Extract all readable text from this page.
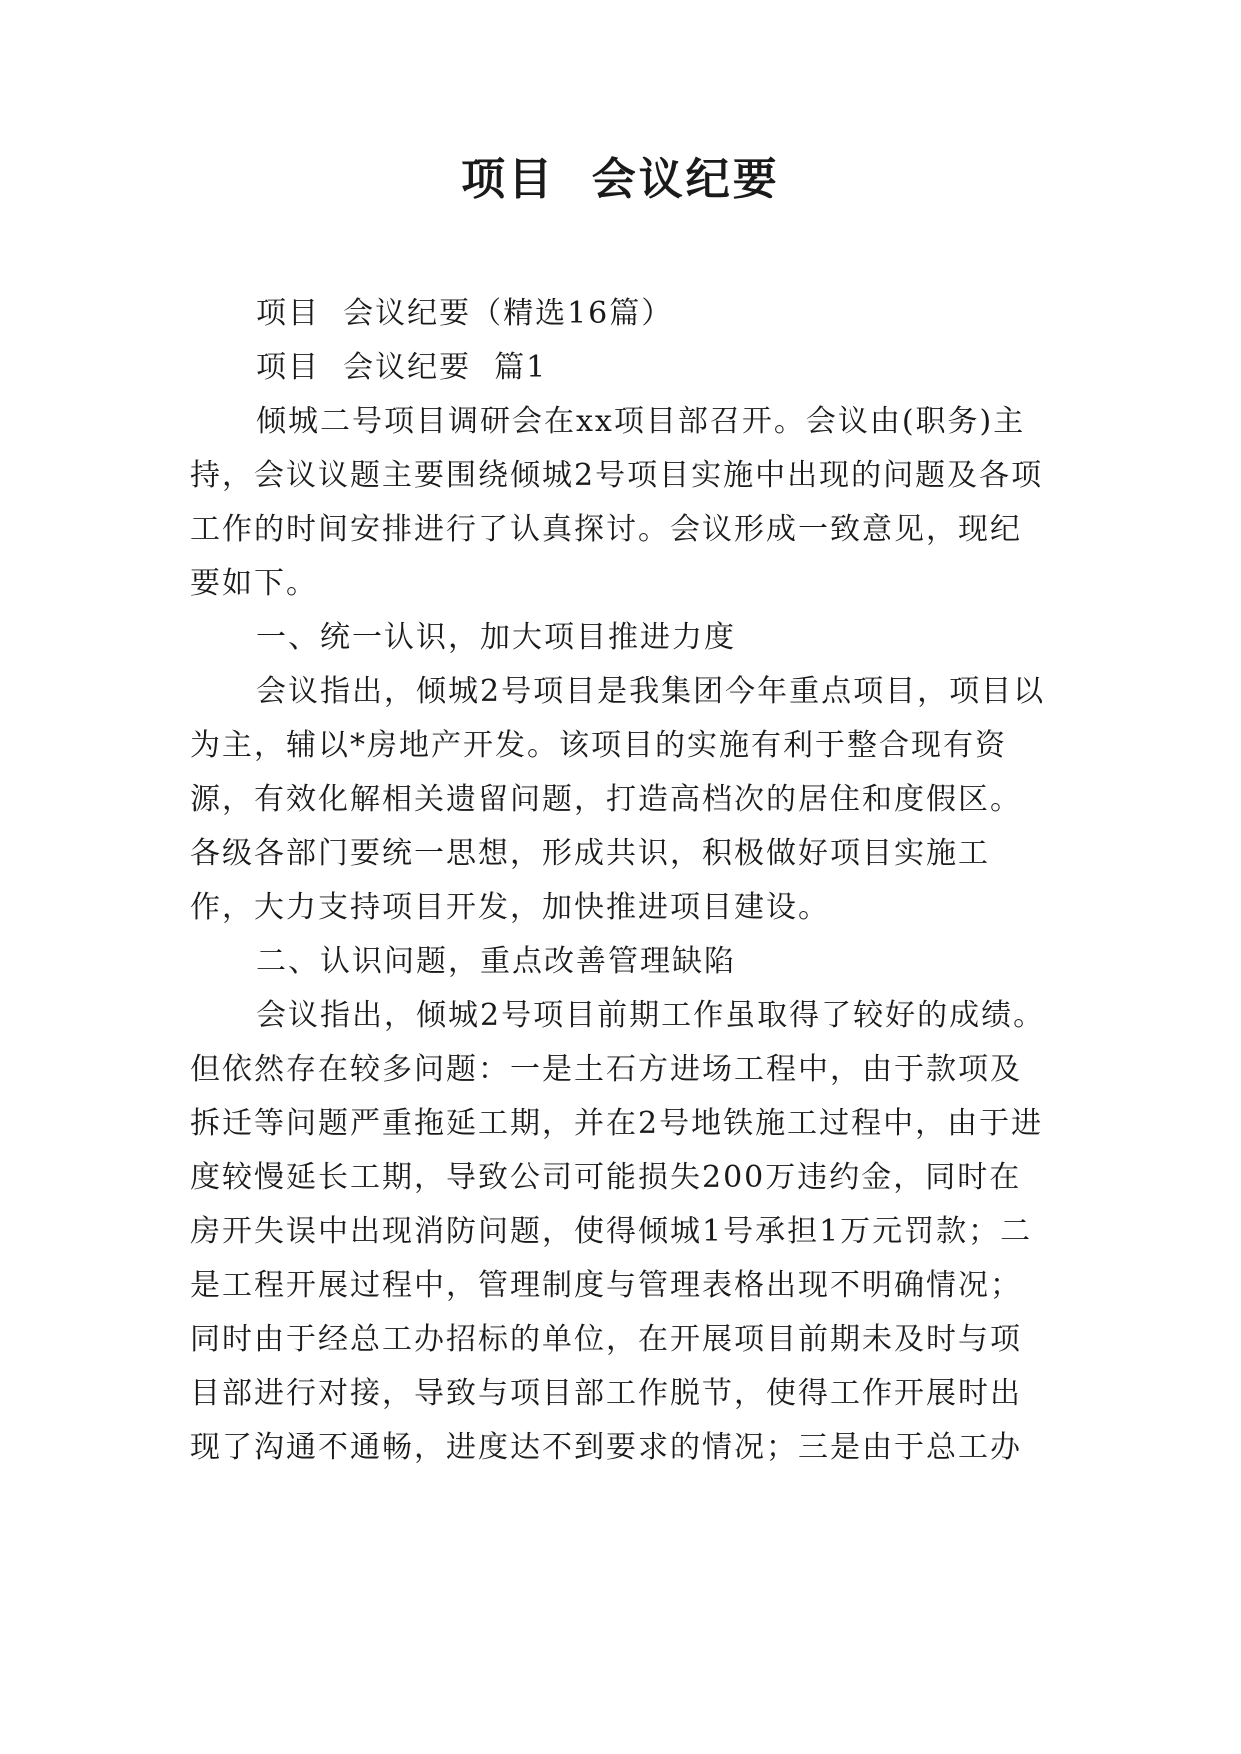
项目  会议纪要

项目  会议纪要（精选16篇）

项目  会议纪要  篇1

倾城二号项目调研会在xx项目部召开。会议由(职务)主持，会议议题主要围绕倾城2号项目实施中出现的问题及各项工作的时间安排进行了认真探讨。会议形成一致意见，现纪要如下。

一、统一认识，加大项目推进力度

会议指出，倾城2号项目是我集团今年重点项目，项目以为主，辅以*房地产开发。该项目的实施有利于整合现有资源，有效化解相关遗留问题，打造高档次的居住和度假区。各级各部门要统一思想，形成共识，积极做好项目实施工作，大力支持项目开发，加快推进项目建设。

二、认识问题，重点改善管理缺陷

会议指出，倾城2号项目前期工作虽取得了较好的成绩。但依然存在较多问题：一是土石方进场工程中，由于款项及拆迁等问题严重拖延工期，并在2号地铁施工过程中，由于进度较慢延长工期，导致公司可能损失200万违约金，同时在房开失误中出现消防问题，使得倾城1号承担1万元罚款；二是工程开展过程中，管理制度与管理表格出现不明确情况；同时由于经总工办招标的单位，在开展项目前期未及时与项目部进行对接，导致与项目部工作脱节，使得工作开展时出现了沟通不通畅，进度达不到要求的情况；三是由于总工办
